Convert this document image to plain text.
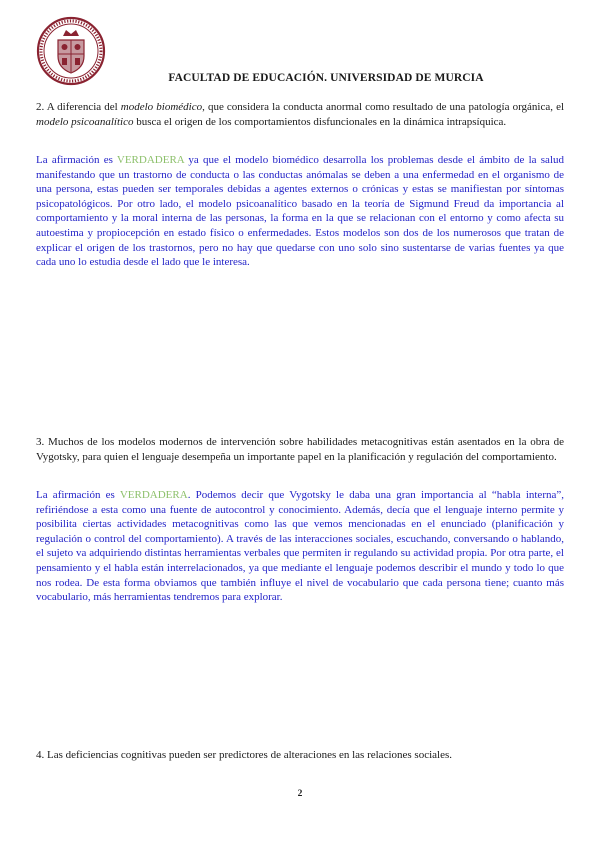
FACULTAD DE EDUCACIÓN. UNIVERSIDAD DE MURCIA
2. A diferencia del modelo biomédico, que considera la conducta anormal como resultado de una patología orgánica, el modelo psicoanalítico busca el origen de los comportamientos disfuncionales en la dinámica intrapsíquica.
La afirmación es VERDADERA ya que el modelo biomédico desarrolla los problemas desde el ámbito de la salud manifestando que un trastorno de conducta o las conductas anómalas se deben a una enfermedad en el organismo de una persona, estas pueden ser temporales debidas a agentes externos o crónicas y estas se manifiestan por síntomas psicopatológicos. Por otro lado, el modelo psicoanalítico basado en la teoría de Sigmund Freud da importancia al comportamiento y la moral interna de las personas, la forma en la que se relacionan con el entorno y como afecta su autoestima y propiocepción en estado físico o enfermedades. Estos modelos son dos de los numerosos que tratan de explicar el origen de los trastornos, pero no hay que quedarse con uno solo sino sustentarse de varias fuentes ya que cada uno lo estudia desde el lado que le interesa.
3. Muchos de los modelos modernos de intervención sobre habilidades metacognitivas están asentados en la obra de Vygotsky, para quien el lenguaje desempeña un importante papel en la planificación y regulación del comportamiento.
La afirmación es VERDADERA. Podemos decir que Vygotsky le daba una gran importancia al “habla interna”, refiriéndose a esta como una fuente de autocontrol y conocimiento. Además, decía que el lenguaje interno permite y posibilita ciertas actividades metacognitivas como las que vemos mencionadas en el enunciado (planificación y regulación o control del comportamiento). A través de las interacciones sociales, escuchando, conversando o hablando, el sujeto va adquiriendo distintas herramientas verbales que permiten ir regulando su actividad propia. Por otra parte, el pensamiento y el habla están interrelacionados, ya que mediante el lenguaje podemos describir el mundo y todo lo que nos rodea. De esta forma obviamos que también influye el nivel de vocabulario que cada persona tiene; cuanto más vocabulario, más herramientas tendremos para explorar.
4. Las deficiencias cognitivas pueden ser predictores de alteraciones en las relaciones sociales.
2
